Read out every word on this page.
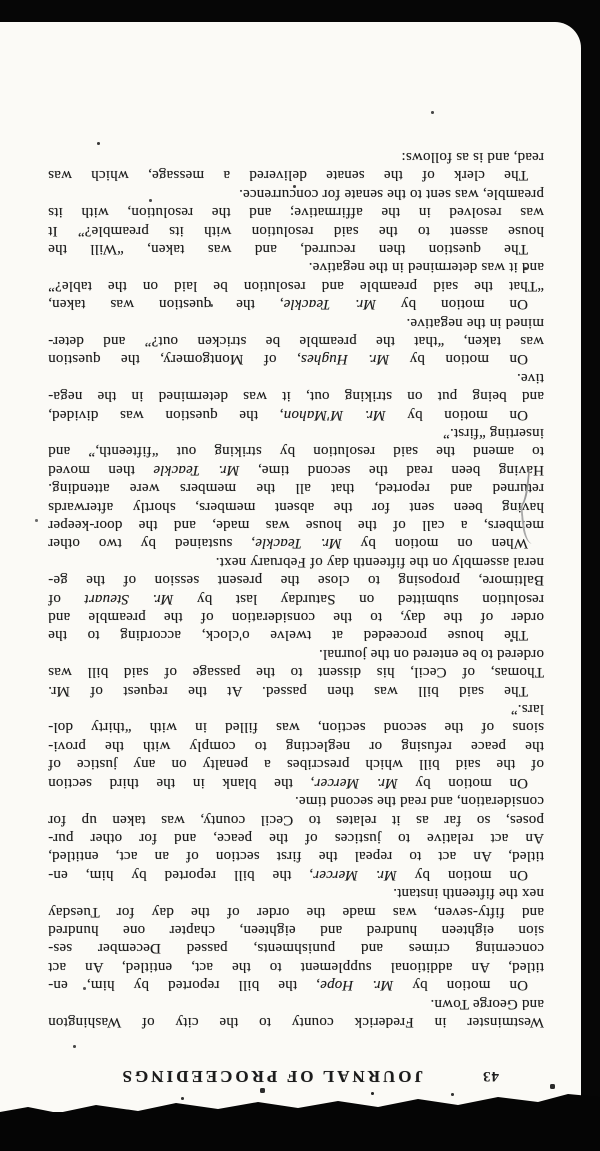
43
JOURNAL OF PROCEEDINGS
Westminster in Frederick county to the city of Washington
and George Town.
On motion by Mr. Hope, the bill reported by him, en-
titled, An additional supplement to the act, entitled, An act
concerning crimes and punishments, passed December ses-
sion eighteen hundred and eighteen, chapter one hundred
and fifty-seven, was made the order of the day for Tuesday
nex the fifteenth instant.
On motion by Mr. Mercer, the bill reported by him, en-
titled, An act to repeal the first section of an act, entitled,
An act relative to justices of the peace, and for other pur-
poses, so far as it relates to Cecil county, was taken up for
consideration, and read the second time.
On motion by Mr. Mercer, the blank in the third section
of the said bill which prescribes a penalty on any justice of
the peace refusing or neglecting to comply with the provi-
sions of the second section, was filled in with “thirty dol-
lars.”
The said bill was then passed. At the request of Mr.
Thomas, of Cecil, his dissent to the passage of said bill was
ordered to be entered on the journal.
The house proceeded at twelve o'clock, according to the
order of the day, to the consideration of the preamble and
resolution submitted on Saturday last by Mr. Steuart of
Baltimore, proposing to close the present session of the ge-
neral assembly on the fifteenth day of February next.
When on motion by Mr. Teackle, sustained by two other
members, a call of the house was made, and the door-keeper
having been sent for the absent members, shortly afterwards
returned and reported, that all the members were attending.
Having been read the second time, Mr. Teackle then moved
to amend the said resolution by striking out “fifteenth,” and
inserting “first.”
On motion by Mr. M'Mahon, the question was divided,
and being put on striking out, it was determined in the nega-
tive.
On motion by Mr. Hughes, of Montgomery, the question
was taken, “that the preamble be stricken out?” and deter-
mined in the negative.
On motion by Mr. Teackle, the question was taken,
“That the said preamble and resolution be laid on the table?”
and it was determined in the negative.
The question then recurred, and was taken, “Will the
house assent to the said resolution with its preamble?” It
was resolved in the affirmative; and the resolution, with its
preamble, was sent to the senate for concurrence.
The clerk of the senate delivered a message, which was
read, and is as follows:
